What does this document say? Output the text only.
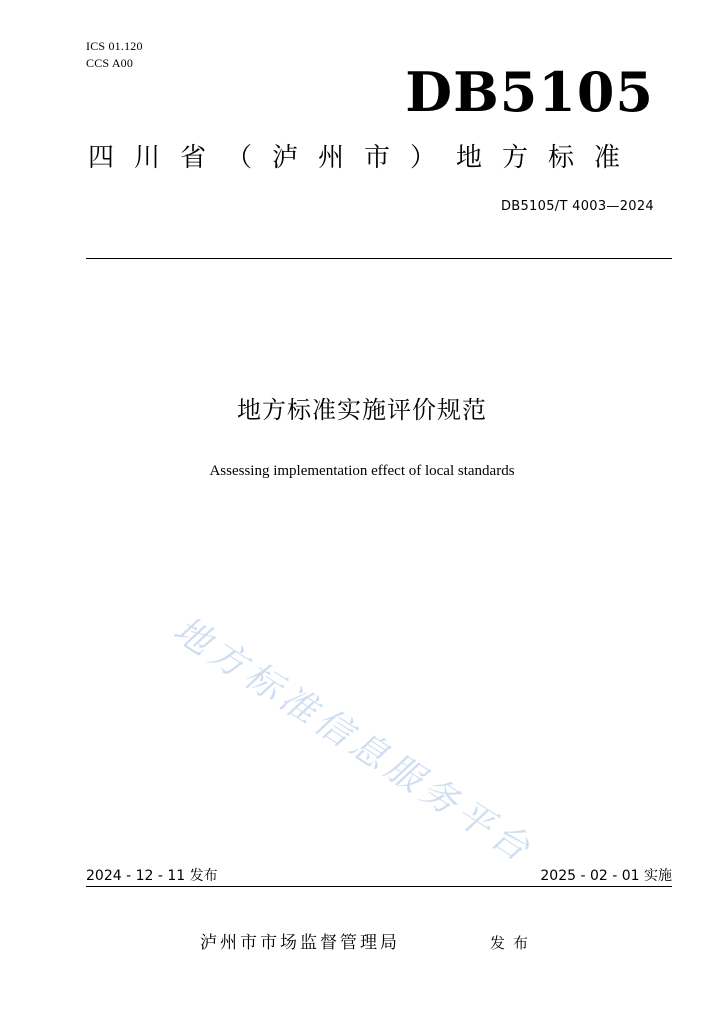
ICS 01.120
CCS A00	DB5105
四川省（泸州市）地方标准
DB5105/T 4003—2024
地方标准实施评价规范
Assessing implementation effect of local standards
地方标准信息服务平台
2024 - 12 - 11 发布	2025 - 02 - 01 实施
泸州市市场监督管理局	发布
